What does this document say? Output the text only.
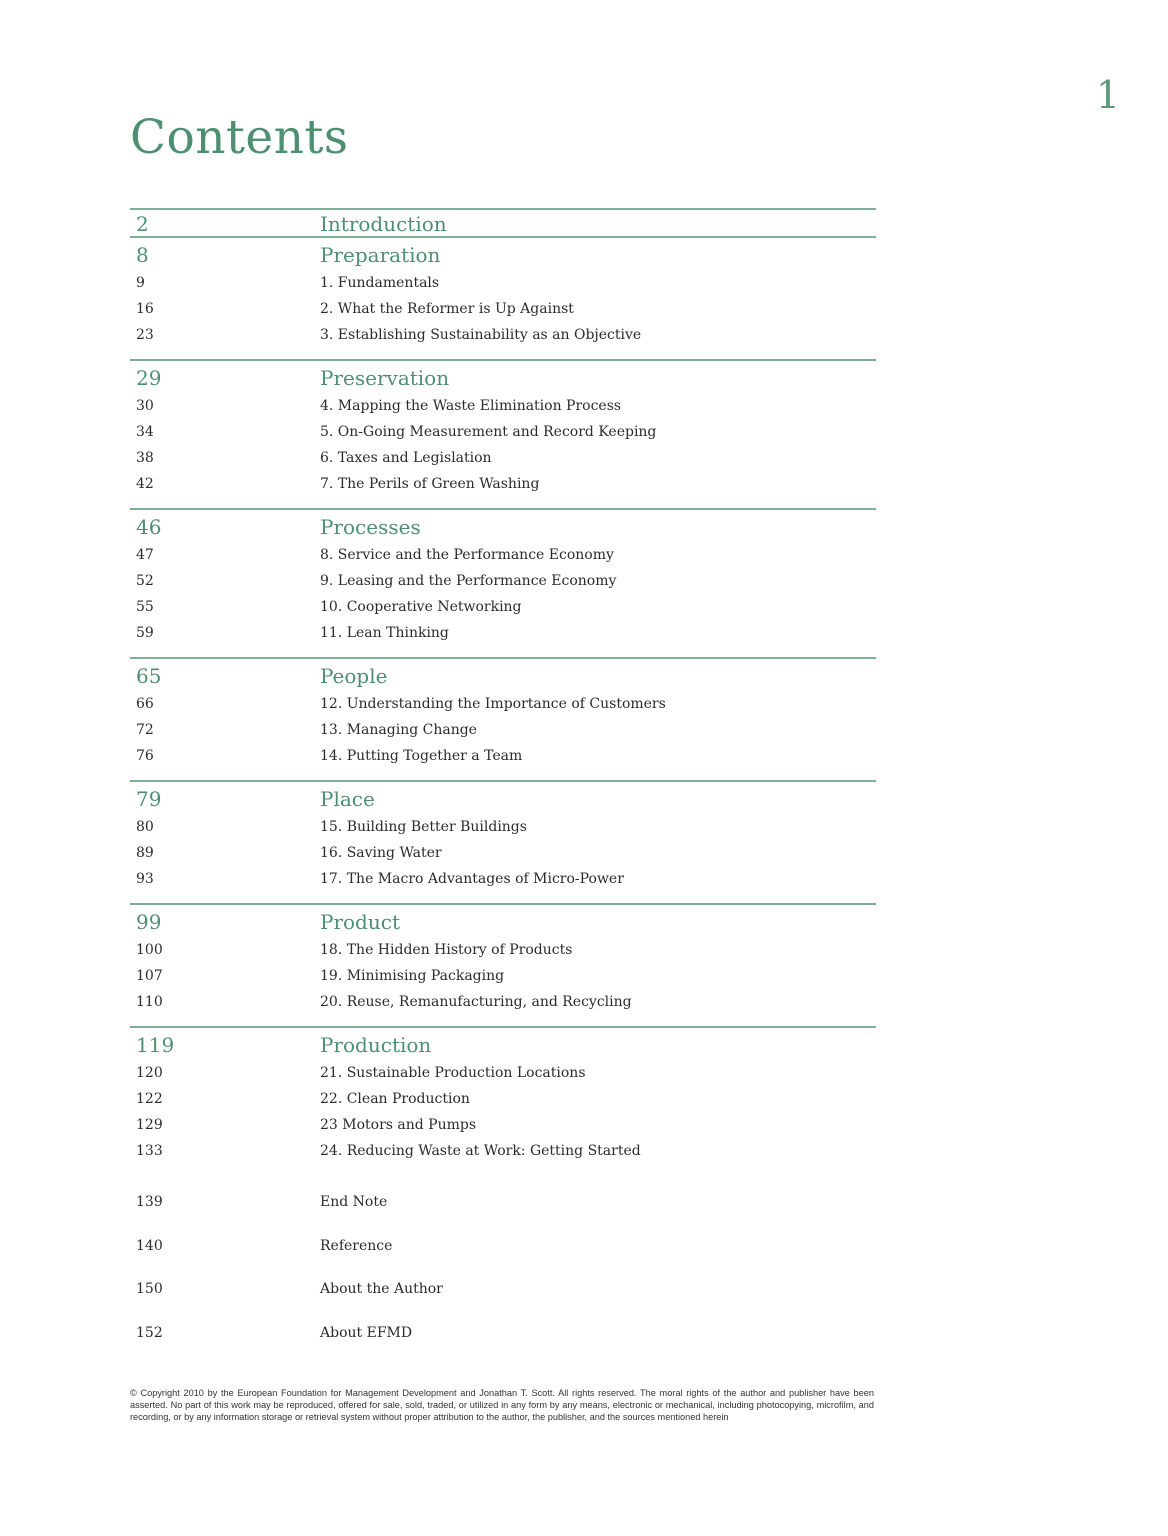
1
Contents
2	Introduction
8	Preparation
9	1. Fundamentals
16	2. What the Reformer is Up Against
23	3. Establishing Sustainability as an Objective
29	Preservation
30	4. Mapping the Waste Elimination Process
34	5. On-Going Measurement and Record Keeping
38	6. Taxes and Legislation
42	7. The Perils of Green Washing
46	Processes
47	8. Service and the Performance Economy
52	9. Leasing and the Performance Economy
55	10. Cooperative Networking
59	11. Lean Thinking
65	People
66	12. Understanding the Importance of Customers
72	13. Managing Change
76	14. Putting Together a Team
79	Place
80	15. Building Better Buildings
89	16. Saving Water
93	17. The Macro Advantages of Micro-Power
99	Product
100	18. The Hidden History of Products
107	19. Minimising Packaging
110	20. Reuse, Remanufacturing, and Recycling
119	Production
120	21. Sustainable Production Locations
122	22. Clean Production
129	23 Motors and Pumps
133	24. Reducing Waste at Work: Getting Started
139	End Note
140	Reference
150	About the Author
152	About EFMD
© Copyright 2010 by the European Foundation for Management Development and Jonathan T. Scott. All rights reserved. The moral rights of the author and publisher have been asserted. No part of this work may be reproduced, offered for sale, sold, traded, or utilized in any form by any means, electronic or mechanical, including photocopying, microfilm, and recording, or by any information storage or retrieval system without proper attribution to the author, the publisher, and the sources mentioned herein
